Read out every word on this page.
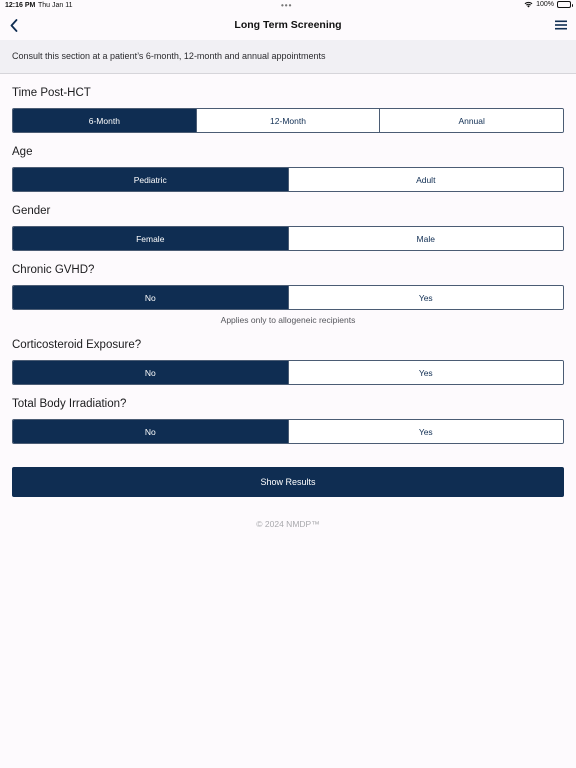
12:16 PM Thu Jan 11	•••	100%
Long Term Screening
Consult this section at a patient’s 6-month, 12-month and annual appointments
Time Post-HCT
6-Month	12-Month	Annual
Age
Pediatric	Adult
Gender
Female	Male
Chronic GVHD?
No	Yes
Applies only to allogeneic recipients
Corticosteroid Exposure?
No	Yes
Total Body Irradiation?
No	Yes
Show Results
© 2024 NMDP™
